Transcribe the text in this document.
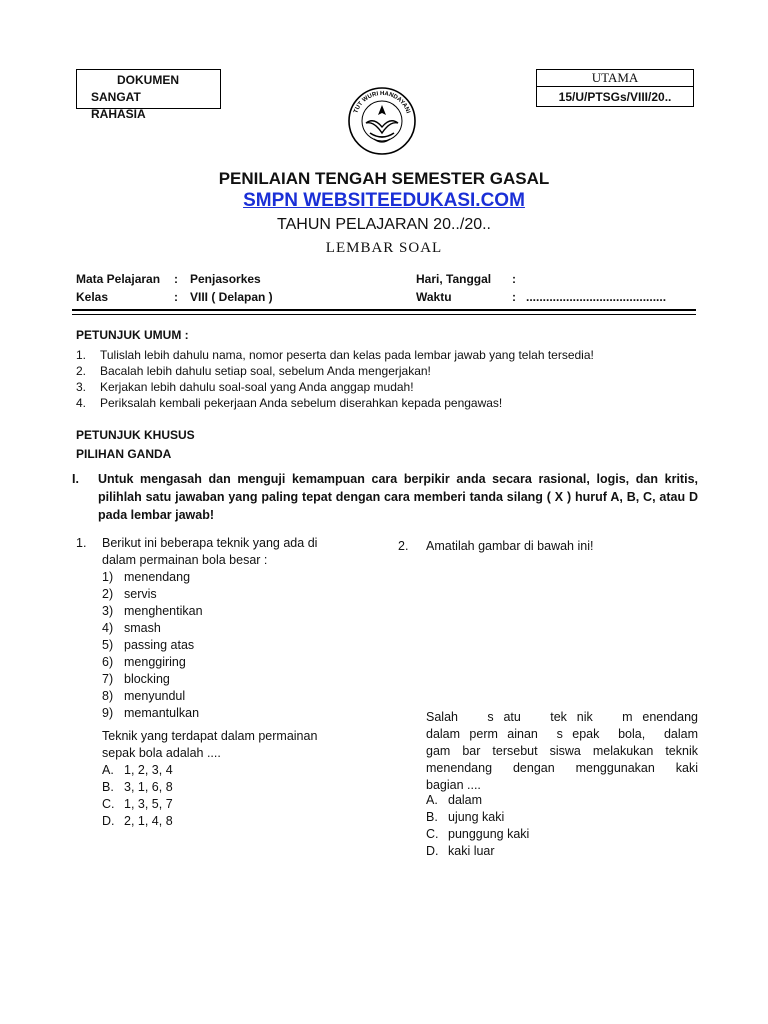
DOKUMEN
SANGAT
RAHASIA
UTAMA
15/U/PTSGs/VIII/20..
TUT WURI HANDAYANI
PENILAIAN TENGAH SEMESTER GASAL
SMPN WEBSITEEDUKASI.COM
TAHUN PELAJARAN 20../20..
LEMBAR SOAL
Mata Pelajaran : Penjasorkes	Hari, Tanggal :
Kelas	: VIII ( Delapan )	Waktu	: ..........................................
PETUNJUK UMUM :
1. Tulislah lebih dahulu nama, nomor peserta dan kelas pada lembar jawab yang telah tersedia!
2. Bacalah lebih dahulu setiap soal, sebelum Anda mengerjakan!
3. Kerjakan lebih dahulu soal-soal yang Anda anggap mudah!
4. Periksalah kembali pekerjaan Anda sebelum diserahkan kepada pengawas!
PETUNJUK KHUSUS
PILIHAN GANDA
I. Untuk mengasah dan menguji kemampuan cara berpikir anda secara rasional, logis, dan kritis, pilihlah satu jawaban yang paling tepat dengan cara memberi tanda silang ( X ) huruf A, B, C, atau D pada lembar jawab!
1. Berikut ini beberapa teknik yang ada di
dalam permainan bola besar :
1) menendang
2) servis
3) menghentikan
4) smash
5) passing atas
6) menggiring
7) blocking
8) menyundul
9) memantulkan
Teknik yang terdapat dalam permainan
sepak bola adalah ....
A. 1, 2, 3, 4
B. 3, 1, 6, 8
C. 1, 3, 5, 7
D. 2, 1, 4, 8
2. Amatilah gambar di bawah ini!
Salah   s atu   tek nik   m enendang
dalam perm ainan  s epak  bola,  dalam
gam bar tersebut siswa melakukan teknik
menendang  dengan  menggunakan  kaki
bagian ....
A. dalam
B. ujung kaki
C. punggung kaki
D. kaki luar
